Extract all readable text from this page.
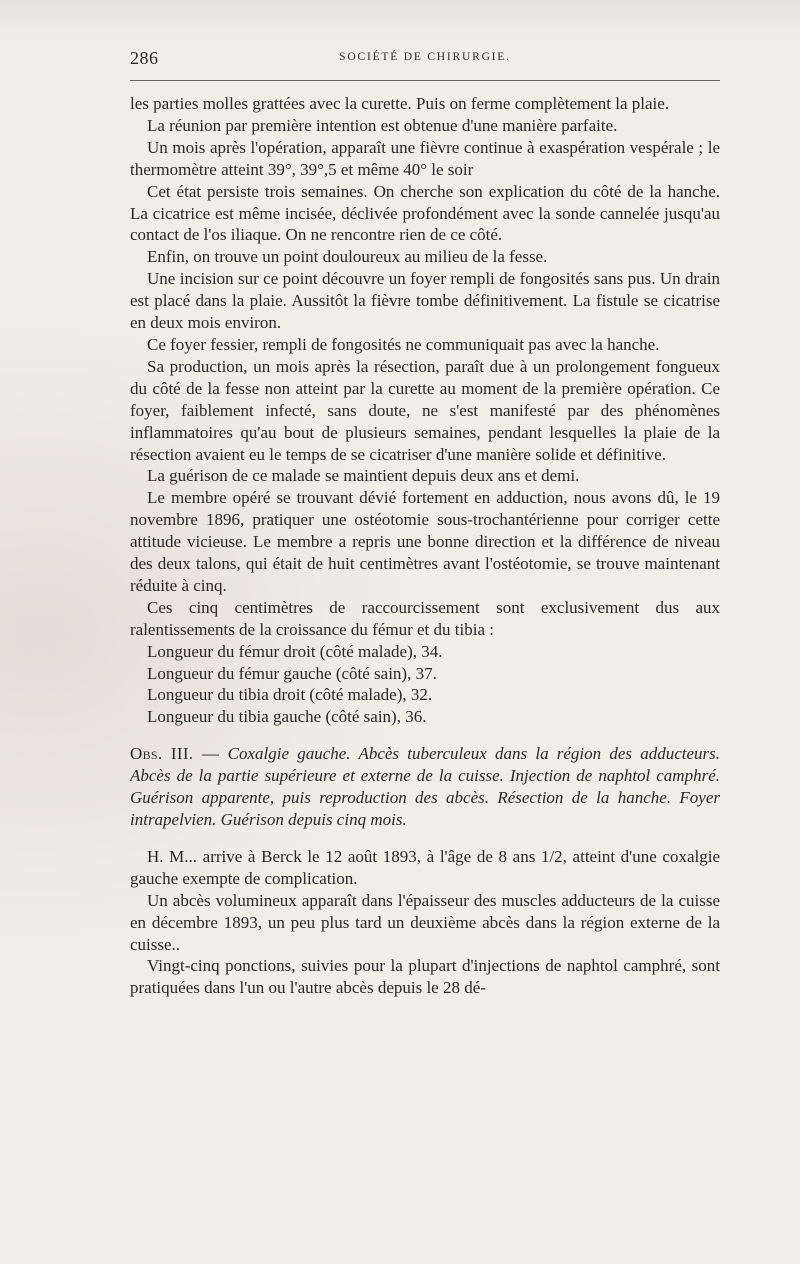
286	SOCIÉTÉ DE CHIRURGIE.

les parties molles grattées avec la curette. Puis on ferme complètement la plaie.

La réunion par première intention est obtenue d'une manière parfaite.

Un mois après l'opération, apparaît une fièvre continue à exaspération vespérale ; le thermomètre atteint 39°, 39°,5 et même 40° le soir

Cet état persiste trois semaines. On cherche son explication du côté de la hanche. La cicatrice est même incisée, déclivée profondément avec la sonde cannelée jusqu'au contact de l'os iliaque. On ne rencontre rien de ce côté.

Enfin, on trouve un point douloureux au milieu de la fesse.

Une incision sur ce point découvre un foyer rempli de fongosités sans pus. Un drain est placé dans la plaie. Aussitôt la fièvre tombe définitivement. La fistule se cicatrise en deux mois environ.

Ce foyer fessier, rempli de fongosités ne communiquait pas avec la hanche.

Sa production, un mois après la résection, paraît due à un prolongement fongueux du côté de la fesse non atteint par la curette au moment de la première opération. Ce foyer, faiblement infecté, sans doute, ne s'est manifesté par des phénomènes inflammatoires qu'au bout de plusieurs semaines, pendant lesquelles la plaie de la résection avaient eu le temps de se cicatriser d'une manière solide et définitive.

La guérison de ce malade se maintient depuis deux ans et demi.

Le membre opéré se trouvant dévié fortement en adduction, nous avons dû, le 19 novembre 1896, pratiquer une ostéotomie sous-trochantérienne pour corriger cette attitude vicieuse. Le membre a repris une bonne direction et la différence de niveau des deux talons, qui était de huit centimètres avant l'ostéotomie, se trouve maintenant réduite à cinq.

Ces cinq centimètres de raccourcissement sont exclusivement dus aux ralentissements de la croissance du fémur et du tibia :

Longueur du fémur droit (côté malade), 34.

Longueur du fémur gauche (côté sain), 37.

Longueur du tibia droit (côté malade), 32.

Longueur du tibia gauche (côté sain), 36.

Obs. III. — Coxalgie gauche. Abcès tuberculeux dans la région des adducteurs. Abcès de la partie supérieure et externe de la cuisse. Injection de naphtol camphré. Guérison apparente, puis reproduction des abcès. Résection de la hanche. Foyer intrapelvien. Guérison depuis cinq mois.

H. M... arrive à Berck le 12 août 1893, à l'âge de 8 ans 1/2, atteint d'une coxalgie gauche exempte de complication.

Un abcès volumineux apparaît dans l'épaisseur des muscles adducteurs de la cuisse en décembre 1893, un peu plus tard un deuxième abcès dans la région externe de la cuisse..

Vingt-cinq ponctions, suivies pour la plupart d'injections de naphtol camphré, sont pratiquées dans l'un ou l'autre abcès depuis le 28 dé-
